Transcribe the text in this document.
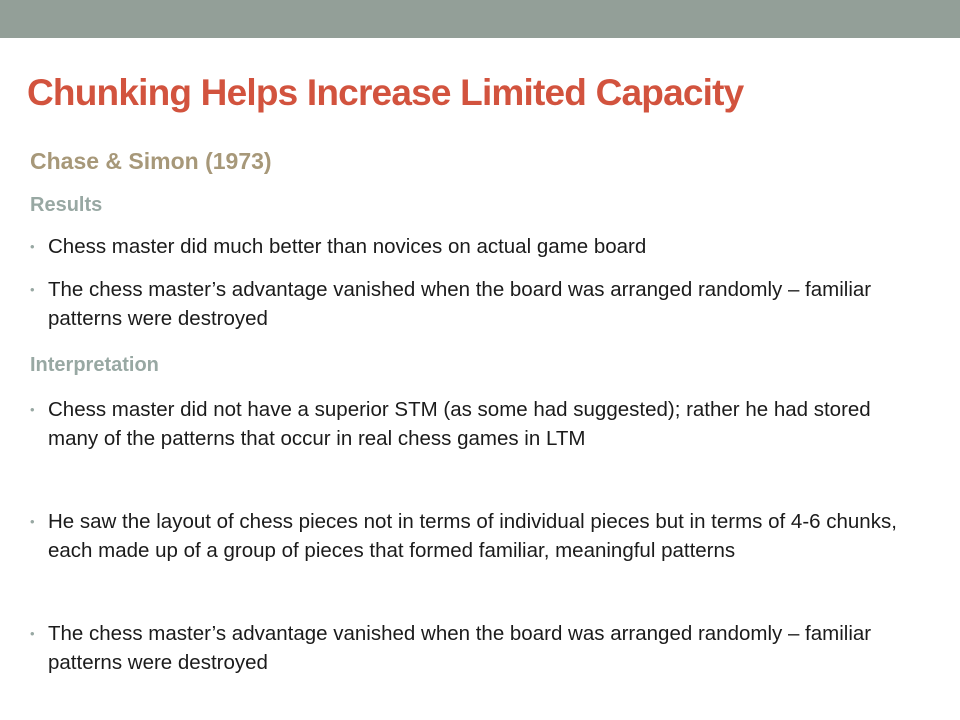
Chunking Helps Increase Limited Capacity
Chase & Simon (1973)
Results
• Chess master did much better than novices on actual game board
• The chess master’s advantage vanished when the board was arranged randomly – familiar patterns were destroyed
Interpretation
• Chess master did not have a superior STM (as some had suggested); rather he had stored many of the patterns that occur in real chess games in LTM
• He saw the layout of chess pieces not in terms of individual pieces but in terms of 4-6 chunks, each made up of a group of pieces that formed familiar, meaningful patterns
• The chess master’s advantage vanished when the board was arranged randomly – familiar patterns were destroyed
